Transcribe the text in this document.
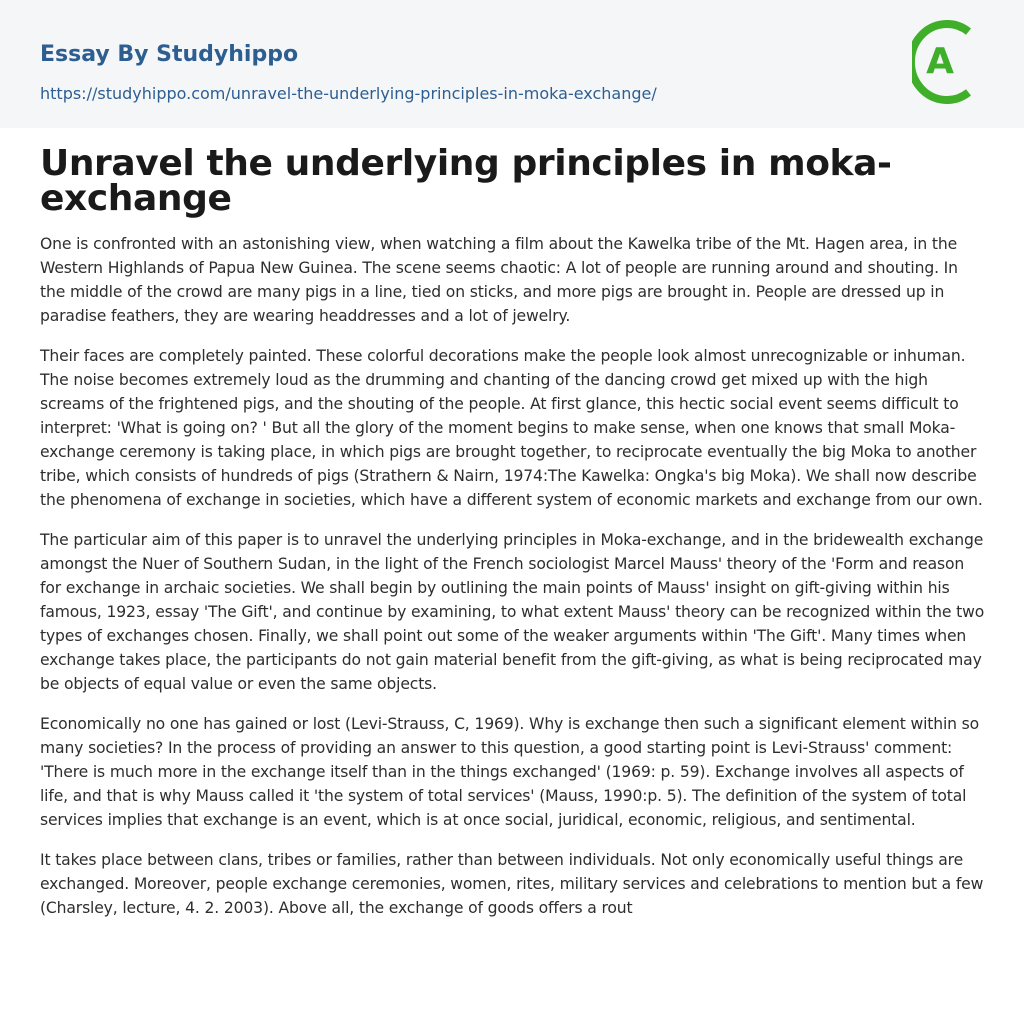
Essay By Studyhippo
https://studyhippo.com/unravel-the-underlying-principles-in-moka-exchange/
A
Unravel the underlying principles in moka-exchange

One is confronted with an astonishing view, when watching a film about the Kawelka tribe of the Mt. Hagen area, in the Western Highlands of Papua New Guinea. The scene seems chaotic: A lot of people are running around and shouting. In the middle of the crowd are many pigs in a line, tied on sticks, and more pigs are brought in. People are dressed up in paradise feathers, they are wearing headdresses and a lot of jewelry.

Their faces are completely painted. These colorful decorations make the people look almost unrecognizable or inhuman. The noise becomes extremely loud as the drumming and chanting of the dancing crowd get mixed up with the high screams of the frightened pigs, and the shouting of the people. At first glance, this hectic social event seems difficult to interpret: 'What is going on? ' But all the glory of the moment begins to make sense, when one knows that small Moka-exchange ceremony is taking place, in which pigs are brought together, to reciprocate eventually the big Moka to another tribe, which consists of hundreds of pigs (Strathern & Nairn, 1974:The Kawelka: Ongka's big Moka). We shall now describe the phenomena of exchange in societies, which have a different system of economic markets and exchange from our own.

The particular aim of this paper is to unravel the underlying principles in Moka-exchange, and in the bridewealth exchange amongst the Nuer of Southern Sudan, in the light of the French sociologist Marcel Mauss' theory of the 'Form and reason for exchange in archaic societies. We shall begin by outlining the main points of Mauss' insight on gift-giving within his famous, 1923, essay 'The Gift', and continue by examining, to what extent Mauss' theory can be recognized within the two types of exchanges chosen. Finally, we shall point out some of the weaker arguments within 'The Gift'. Many times when exchange takes place, the participants do not gain material benefit from the gift-giving, as what is being reciprocated may be objects of equal value or even the same objects.

Economically no one has gained or lost (Levi-Strauss, C, 1969). Why is exchange then such a significant element within so many societies? In the process of providing an answer to this question, a good starting point is Levi-Strauss' comment: 'There is much more in the exchange itself than in the things exchanged' (1969: p. 59). Exchange involves all aspects of life, and that is why Mauss called it 'the system of total services' (Mauss, 1990:p. 5). The definition of the system of total services implies that exchange is an event, which is at once social, juridical, economic, religious, and sentimental.

It takes place between clans, tribes or families, rather than between individuals. Not only economically useful things are exchanged. Moreover, people exchange ceremonies, women, rites, military services and celebrations to mention but a few (Charsley, lecture, 4. 2. 2003). Above all, the exchange of goods offers a rout
